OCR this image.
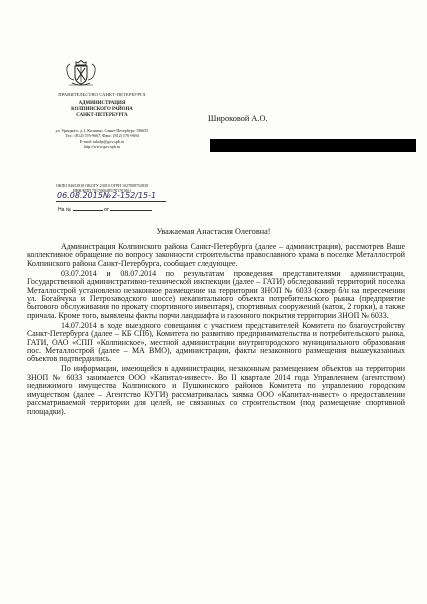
ПРАВИТЕЛЬСТВО САНКТ-ПЕТЕРБУРГА
АДМИНИСТРАЦИЯ
КОЛПИНСКОГО РАЙОНА
САНКТ-ПЕТЕРБУРГА
ул. Урицкого, д.1, Колпино, Санкт-Петербург, 196655
Тел.: (812) 576-9667, Факс: (812) 576-9694
E-mail: tukolp@gov.spb.ru
http://www.gov.spb.ru
ОКПО 84652818 ОКОГУ 23010 ОГРН 1027808752839
ИНН/КПП 7817006485/781701001
06.08.2015 № 2-152/15-1
На №	от
Широковой А.О.
Уважаемая Анастасия Олеговна!

Администрация Колпинского района Санкт-Петербурга (далее – администрация), рассмотрев Ваше коллективное обращение по вопросу законности строительства православного храма в поселке Металлострой Колпинского района Санкт-Петербурга, сообщает следующее.

03.07.2014 и 08.07.2014 по результатам проведения представителями администрации, Государственной административно-технической инспекции (далее – ГАТИ) обследований территорий поселка Металлострой установлено незаконное размещение на территории ЗНОП № 6033 (сквер б/н на пересечении ул. Богайчука и Петрозаводского шоссе) некапитального объекта потребительского рынка (предприятие бытового обслуживания по прокату спортивного инвентаря), спортивных сооружений (каток, 2 горки), а также причала. Кроме того, выявлены факты порчи ландшафта и газонного покрытия территории ЗНОП № 6033.

14.07.2014 в ходе выездного совещания с участием представителей Комитета по благоустройству Санкт-Петербурга (далее – КБ СПб), Комитета по развитию предпринимательства и потребительского рынка, ГАТИ, ОАО «СПП «Колпинское», местной администрации внутригородского муниципального образования пос. Металлострой (далее – МА ВМО), администрации, факты незаконного размещения вышеуказанных объектов подтвердились.

По информации, имеющейся в администрации, незаконным размещением объектов на территории ЗНОП № 6033 занимается ООО «Капитал-инвест». Во II квартале 2014 года Управлением (агентством) недвижимого имущества Колпинского и Пушкинского районов Комитета по управлению городским имуществом (далее – Агентство КУГИ) рассматривалась заявка ООО «Капитал-инвест» о предоставлении рассматриваемой территории для целей, не связанных со строительством (под размещение спортивной площадки).
